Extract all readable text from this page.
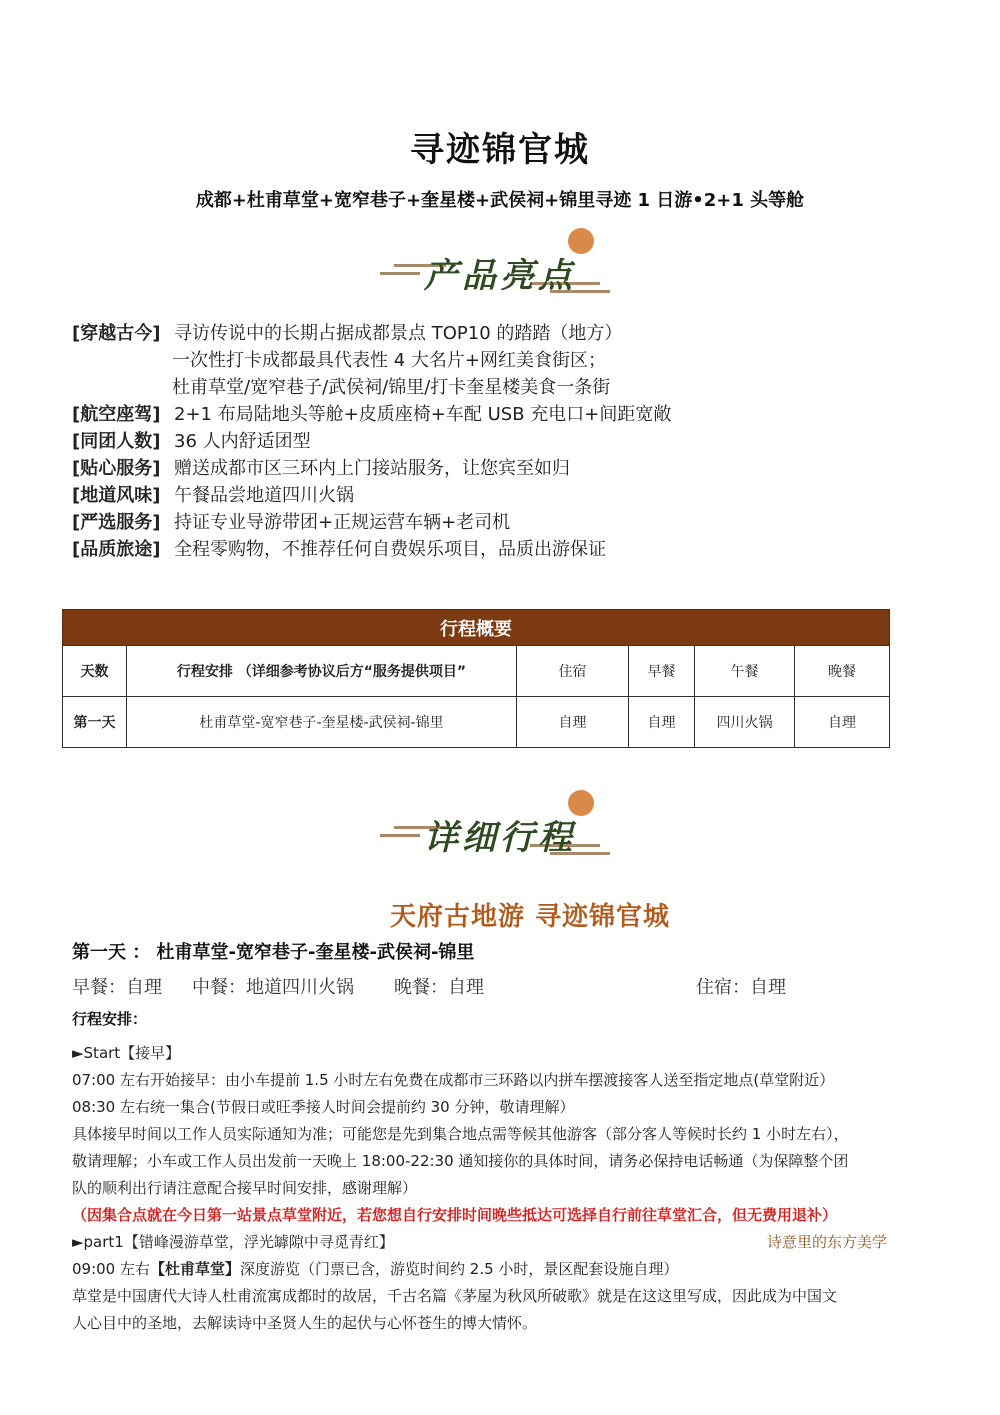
寻迹锦官城
成都+杜甫草堂+宽窄巷子+奎星楼+武侯祠+锦里寻迹 1 日游•2+1 头等舱
产品亮点
[穿越古今] 寻访传说中的长期占据成都景点 TOP10 的踏踏（地方）
一次性打卡成都最具代表性 4 大名片+网红美食街区；
杜甫草堂/宽窄巷子/武侯祠/锦里/打卡奎星楼美食一条街
[航空座驾] 2+1 布局陆地头等舱+皮质座椅+车配 USB 充电口+间距宽敞
[同团人数] 36 人内舒适团型
[贴心服务] 赠送成都市区三环内上门接站服务，让您宾至如归
[地道风味] 午餐品尝地道四川火锅
[严选服务] 持证专业导游带团+正规运营车辆+老司机
[品质旅途] 全程零购物，不推荐任何自费娱乐项目，品质出游保证
行程概要					
天数	行程安排 （详细参考协议后方“服务提供项目”	住宿	早餐	午餐	晚餐
第一天	杜甫草堂-宽窄巷子-奎星楼-武侯祠-锦里	自理	自理	四川火锅	自理
详细行程
天府古地游 寻迹锦官城
第一天 ： 杜甫草堂-宽窄巷子-奎星楼-武侯祠-锦里
早餐：自理 中餐：地道四川火锅 晚餐：自理	住宿：自理
行程安排：
►Start【接早】
07:00 左右开始接早：由小车提前 1.5 小时左右免费在成都市三环路以内拼车摆渡接客人送至指定地点(草堂附近）
08:30 左右统一集合(节假日或旺季接人时间会提前约 30 分钟，敬请理解）
具体接早时间以工作人员实际通知为准；可能您是先到集合地点需等候其他游客（部分客人等候时长约 1 小时左右），
敬请理解；小车或工作人员出发前一天晚上 18:00-22:30 通知接你的具体时间，请务必保持电话畅通（为保障整个团
队的顺利出行请注意配合接早时间安排，感谢理解）
（因集合点就在今日第一站景点草堂附近，若您想自行安排时间晚些抵达可选择自行前往草堂汇合，但无费用退补）
►part1【错峰漫游草堂，浮光罅隙中寻觅青红】	诗意里的东方美学
09:00 左右【杜甫草堂】深度游览（门票已含，游览时间约 2.5 小时，景区配套设施自理）
草堂是中国唐代大诗人杜甫流寓成都时的故居，千古名篇《茅屋为秋风所破歌》就是在这这里写成，因此成为中国文
人心目中的圣地，去解读诗中圣贤人生的起伏与心怀苍生的博大情怀。
